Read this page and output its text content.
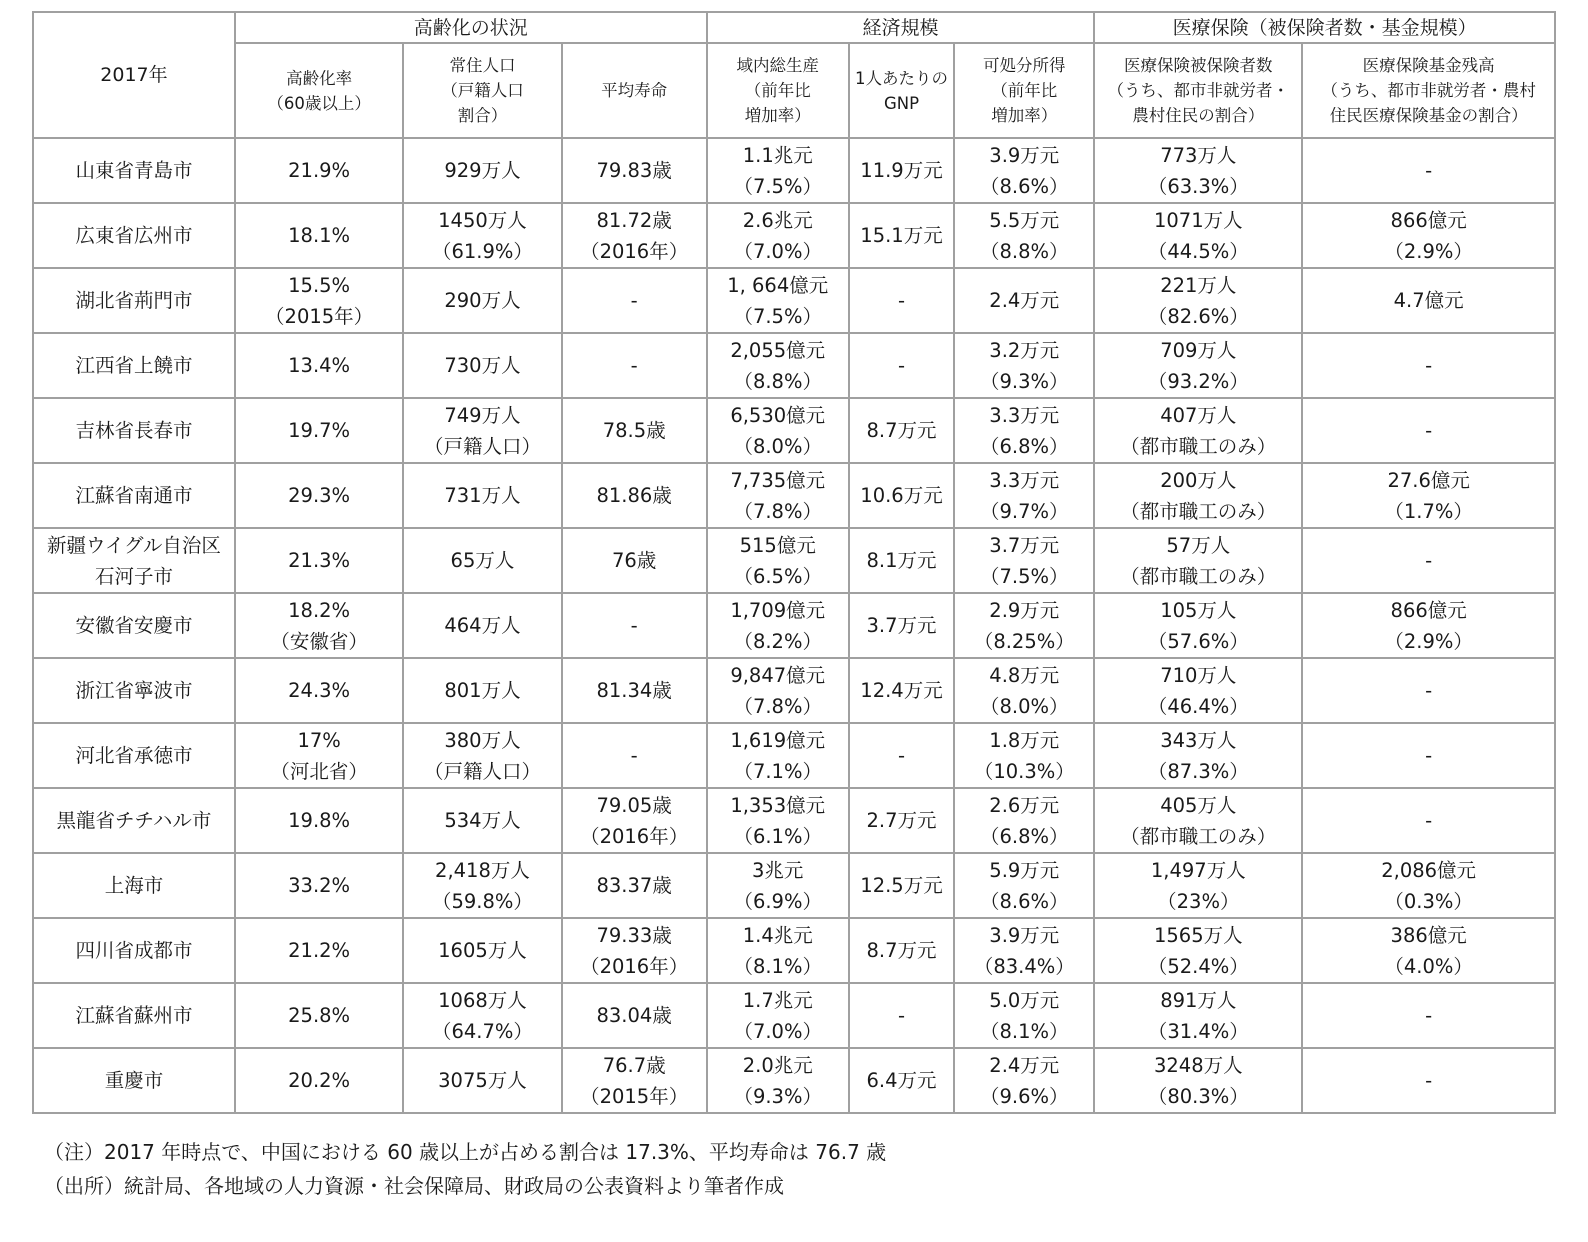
2017年	高齢化の状況			経済規模			医療保険（被保険者数・基金規模）	

	高齢化率
（60歳以上）	常住人口
（戸籍人口
割合）	平均寿命	域内総生産
（前年比
増加率）	1人あたりの
GNP	可処分所得
（前年比
増加率）	医療保険被保険者数
（うち、都市非就労者・
農村住民の割合）	医療保険基金残高
（うち、都市非就労者・農村
住民医療保険基金の割合）

山東省青島市	21.9%	929万人	79.83歳	1.1兆元
（7.5%）	11.9万元	3.9万元
（8.6%）	773万人
（63.3%）	-

広東省広州市	18.1%	1450万人
（61.9%）	81.72歳
（2016年）	2.6兆元
（7.0%）	15.1万元	5.5万元
（8.8%）	1071万人
（44.5%）	866億元
（2.9%）

湖北省荊門市	15.5%
（2015年）	290万人	-	1, 664億元
（7.5%）	-	2.4万元	221万人
（82.6%）	4.7億元

江西省上饒市	13.4%	730万人	-	2,055億元
（8.8%）	-	3.2万元
（9.3%）	709万人
（93.2%）	-

吉林省長春市	19.7%	749万人
（戸籍人口）	78.5歳	6,530億元
（8.0%）	8.7万元	3.3万元
（6.8%）	407万人
（都市職工のみ）	-

江蘇省南通市	29.3%	731万人	81.86歳	7,735億元
（7.8%）	10.6万元	3.3万元
（9.7%）	200万人
（都市職工のみ）	27.6億元
（1.7%）

新疆ウイグル自治区
石河子市	21.3%	65万人	76歳	515億元
（6.5%）	8.1万元	3.7万元
（7.5%）	57万人
（都市職工のみ）	-

安徽省安慶市	18.2%
（安徽省）	464万人	-	1,709億元
（8.2%）	3.7万元	2.9万元
（8.25%）	105万人
（57.6%）	866億元
（2.9%）

浙江省寧波市	24.3%	801万人	81.34歳	9,847億元
（7.8%）	12.4万元	4.8万元
（8.0%）	710万人
（46.4%）	-

河北省承徳市	17%
（河北省）	380万人
（戸籍人口）	-	1,619億元
（7.1%）	-	1.8万元
（10.3%）	343万人
（87.3%）	-

黒龍省チチハル市	19.8%	534万人	79.05歳
（2016年）	1,353億元
（6.1%）	2.7万元	2.6万元
（6.8%）	405万人
（都市職工のみ）	-

上海市	33.2%	2,418万人
（59.8%）	83.37歳	3兆元
（6.9%）	12.5万元	5.9万元
（8.6%）	1,497万人
（23%）	2,086億元
（0.3%）

四川省成都市	21.2%	1605万人	79.33歳
（2016年）	1.4兆元
（8.1%）	8.7万元	3.9万元
（83.4%）	1565万人
（52.4%）	386億元
（4.0%）

江蘇省蘇州市	25.8%	1068万人
（64.7%）	83.04歳	1.7兆元
（7.0%）	-	5.0万元
（8.1%）	891万人
（31.4%）	-

重慶市	20.2%	3075万人	76.7歳
（2015年）	2.0兆元
（9.3%）	6.4万元	2.4万元
（9.6%）	3248万人
（80.3%）	-
（注）2017 年時点で、中国における 60 歳以上が占める割合は 17.3%、平均寿命は 76.7 歳
（出所）統計局、各地域の人力資源・社会保障局、財政局の公表資料より筆者作成
